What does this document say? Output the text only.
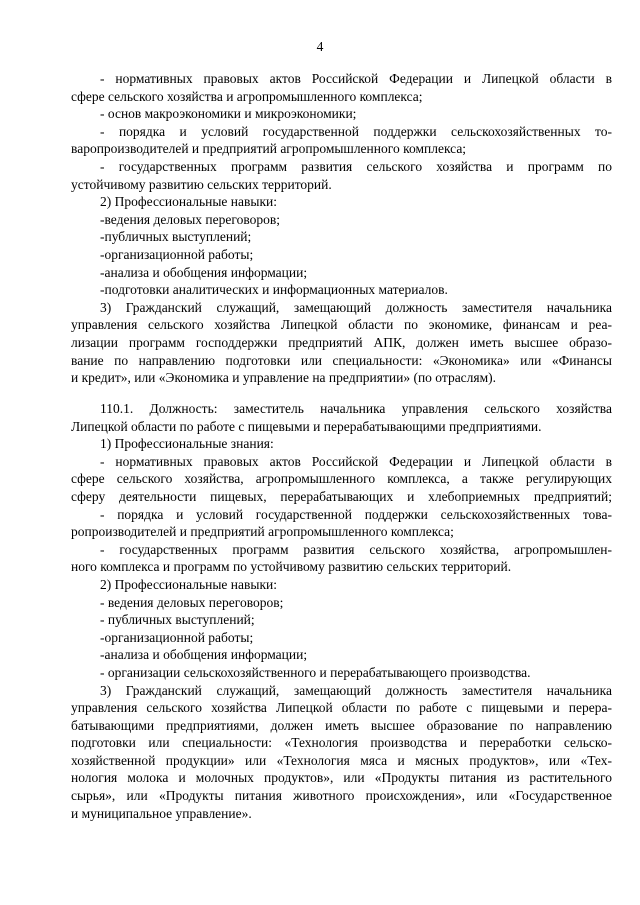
4
- нормативных правовых актов Российской Федерации и Липецкой области в
сфере сельского хозяйства и агропромышленного комплекса;
- основ макроэкономики и микроэкономики;
- порядка и условий государственной поддержки сельскохозяйственных то-
варопроизводителей и предприятий агропромышленного комплекса;
- государственных программ развития сельского хозяйства и программ по
устойчивому развитию сельских территорий.
2) Профессиональные навыки:
-ведения деловых переговоров;
-публичных выступлений;
-организационной работы;
-анализа и обобщения информации;
-подготовки аналитических и информационных материалов.
3) Гражданский служащий, замещающий должность заместителя начальника
управления сельского хозяйства Липецкой области по экономике, финансам и реа-
лизации программ господдержки предприятий АПК, должен иметь высшее образо-
вание по направлению подготовки или специальности: «Экономика» или «Финансы
и кредит», или «Экономика и управление на предприятии» (по отраслям).
110.1. Должность: заместитель начальника управления сельского хозяйства
Липецкой области по работе с пищевыми и перерабатывающими предприятиями.
1) Профессиональные знания:
- нормативных правовых актов Российской Федерации и Липецкой области в
сфере сельского хозяйства, агропромышленного комплекса, а также регулирующих
сферу деятельности пищевых, перерабатывающих и хлебоприемных предприятий;
- порядка и условий государственной поддержки сельскохозяйственных това-
ропроизводителей и предприятий агропромышленного комплекса;
- государственных программ развития сельского хозяйства, агропромышлен-
ного комплекса и программ по устойчивому развитию сельских территорий.
2) Профессиональные навыки:
- ведения деловых переговоров;
- публичных выступлений;
-организационной работы;
-анализа и обобщения информации;
- организации сельскохозяйственного и перерабатывающего производства.
3) Гражданский служащий, замещающий должность заместителя начальника
управления сельского хозяйства Липецкой области по работе с пищевыми и перера-
батывающими предприятиями, должен иметь высшее образование по направлению
подготовки или специальности: «Технология производства и переработки сельско-
хозяйственной продукции» или «Технология мяса и мясных продуктов», или «Тех-
нология молока и молочных продуктов», или «Продукты питания из растительного
сырья», или «Продукты питания животного происхождения», или «Государственное
и муниципальное управление».
